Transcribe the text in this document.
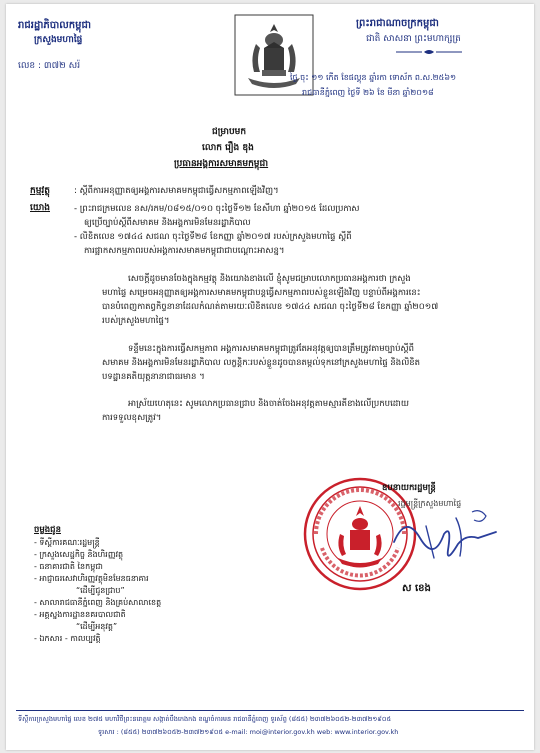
រាជរដ្ឋាភិបាលកម្ពុជា
ក្រសួងមហាផ្ទៃ
លេខ : ៣៧២ សរ៉
ព្រះរាជាណាចក្រកម្ពុជា
ជាតិ សាសនា ព្រះមហាក្សត្រ
ថ្ងៃ ចុះ ១១ កើត ខែផល្គុន ឆ្នាំរកា ទោស័ក ព.ស.២៥៦១
រាជធានីភ្នំពេញ ថ្ងៃទី ២៦ ខែ មីនា ឆ្នាំ២០១៨
ជម្រាបមក
លោក រឿង ឌុង
ប្រធានអង្គការសមាគមកម្ពុជា
កម្មវត្ថុ	: ស្តីពីការអនុញ្ញាតឲ្យអង្គការសមាគមកម្ពុជាធ្វើសកម្មភាពឡើងវិញ។
យោង	- ព្រះរាជក្រមលេខ នស/រកម/០៨១៥/០១០ ចុះថ្ងៃទី១២ ខែសីហា ឆ្នាំ២០១៥ ដែលប្រកាស
ឲ្យប្រើច្បាប់ស្តីពីសមាគម និងអង្គការមិនមែនរដ្ឋាភិបាល
- លិខិតលេខ ១៧៤៤ សជណ ចុះថ្ងៃទី២៨ ខែកញ្ញា ឆ្នាំ២០១៧ របស់ក្រសួងមហាផ្ទៃ ស្តីពី
ការផ្អាកសកម្មភាពរបស់អង្គការសមាគមកម្ពុជាជាបណ្តោះអាសន្ន។
សេចក្តីដូចមានចែងក្នុងកម្មវត្ថុ និងយោងខាងលើ ខ្ញុំសូមជម្រាបលោកប្រធានអង្គការថា ក្រសួង
មហាផ្ទៃ សម្រេចអនុញ្ញាតឲ្យអង្គការសមាគមកម្ពុជាបន្តធ្វើសកម្មភាពរបស់ខ្លួនឡើងវិញ បន្ទាប់ពីអង្គការនេះ
បានបំពេញកាតព្វកិច្ចនានាដែលកំណត់តាមរយៈលិខិតលេខ ១៧៤៤ សជណ ចុះថ្ងៃទី២៨ ខែកញ្ញា ឆ្នាំ២០១៧
របស់ក្រសួងមហាផ្ទៃ។
ទន្ទឹមនេះក្នុងការធ្វើសកម្មភាព អង្គការសមាគមកម្ពុជាត្រូវតែអនុវត្តឲ្យបានត្រឹមត្រូវតាមច្បាប់ស្តីពី
សមាគម និងអង្គការមិនមែនរដ្ឋាភិបាល លក្ខន្តិកៈរបស់ខ្លួនដូចបានតម្កល់ទុកនៅក្រសួងមហាផ្ទៃ និងលិខិត
បទដ្ឋានគតិយុត្តនានាជាធរមាន ។
អាស្រ័យហេតុនេះ សូមលោកប្រធានជ្រាប និងចាត់ចែងអនុវត្តតាមស្មារតីខាងលើប្រកបដោយ
ការទទួលខុសត្រូវ។
ឧបនាយករដ្ឋមន្ត្រី
រដ្ឋមន្ត្រីក្រសួងមហាផ្ទៃ
ស ខេង
ចម្លងជូន
- ទីស្តីការគណៈរដ្ឋមន្ត្រី
- ក្រសួងសេដ្ឋកិច្ច និងហិរញ្ញវត្ថុ
- ធនាគារជាតិ នៃកម្ពុជា
- អាជ្ញាធរសេវាហិរញ្ញវត្ថុមិនមែនធនាគារ
“ដើម្បីជូនជ្រាប”
- សាលារាជធានីភ្នំពេញ និងគ្រប់សាលាខេត្ត
- អគ្គស្នងការដ្ឋាននគរបាលជាតិ
“ដើម្បីអនុវត្ត”
- ឯកសារ - កាលប្បវត្តិ
ទីស្តីការក្រសួងមហាផ្ទៃ លេខ ២៧៥ មហាវិថីព្រះនរោត្តម សង្កាត់បឹងកេងកង ខណ្ឌចំការមន រាជធានីភ្នំពេញ ទូរស័ព្ទ (៨៥៥) ២៣៧២៦០៥២-២៣៧២១៩០៥
ទូរសារ : (៨៥៥) ២៣៧២៦០៥២-២៣៧២១៩០៥ e-mail: moi@interior.gov.kh web: www.interior.gov.kh
